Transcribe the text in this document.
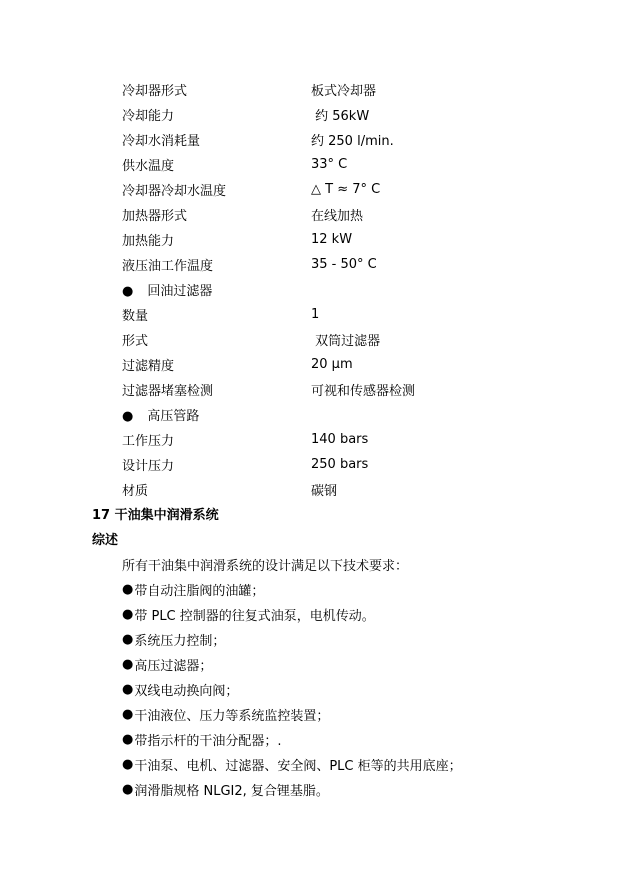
冷却器形式	板式冷却器
冷却能力	约 56kW
冷却水消耗量	约 250 l/min.
供水温度	33° C
冷却器冷却水温度	△ T ≈ 7° C
加热器形式	在线加热
加热能力	12 kW
液压油工作温度	35 - 50° C
● 回油过滤器
数量	1
形式	双筒过滤器
过滤精度	20 μm
过滤器堵塞检测	可视和传感器检测
● 高压管路
工作压力	140 bars
设计压力	250 bars
材质	碳钢
17 干油集中润滑系统
综述
所有干油集中润滑系统的设计满足以下技术要求：
● 带自动注脂阀的油罐；
● 带 PLC 控制器的往复式油泵，电机传动。
● 系统压力控制；
● 高压过滤器；
● 双线电动换向阀；
● 干油液位、压力等系统监控装置；
● 带指示杆的干油分配器；.
● 干油泵、电机、过滤器、安全阀、PLC 柜等的共用底座；
● 润滑脂规格 NLGI2, 复合锂基脂。
